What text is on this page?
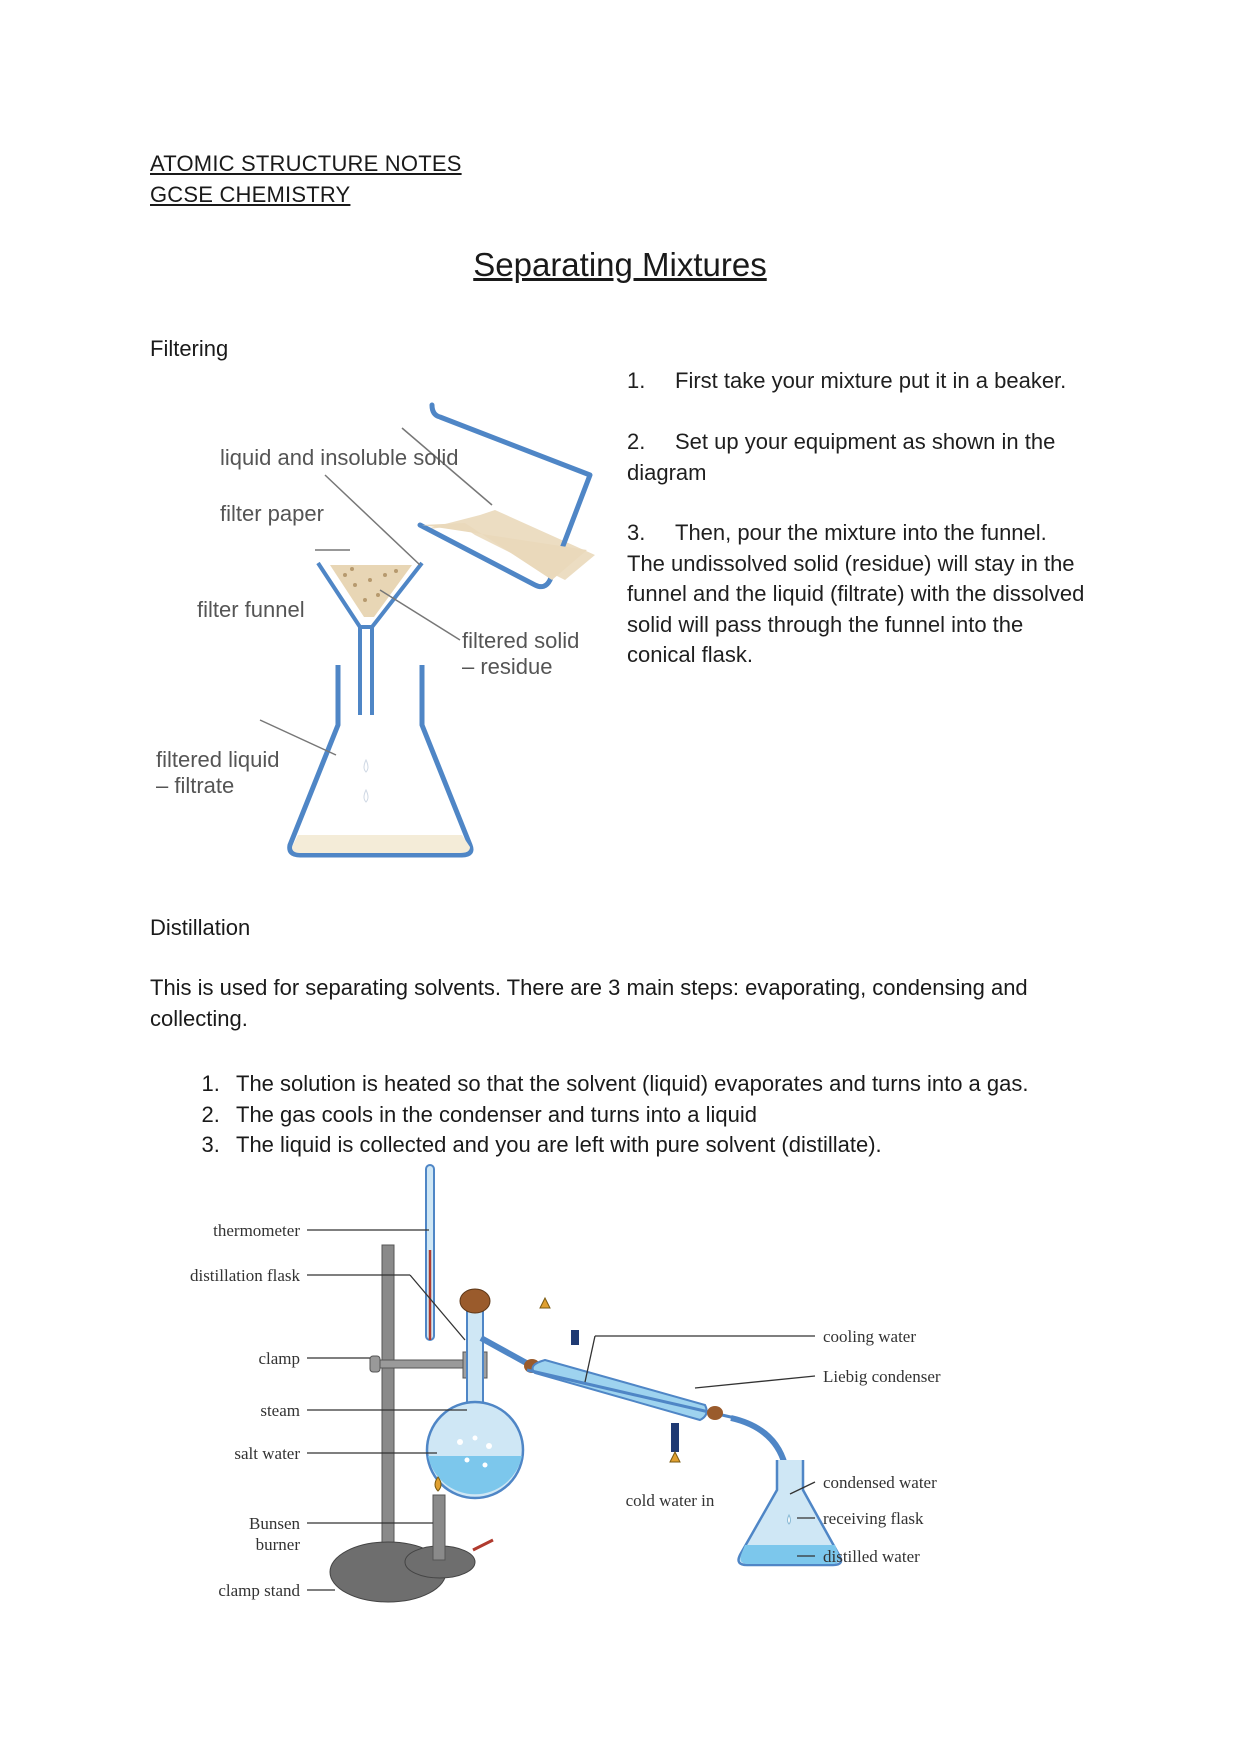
ATOMIC STRUCTURE NOTES
GCSE CHEMISTRY
Separating Mixtures
Filtering
1. First take your mixture put it in a beaker.
2. Set up your equipment as shown in the
diagram
3. Then, pour the mixture into the funnel.
The undissolved solid (residue) will stay in the funnel and the liquid (filtrate) with the dissolved solid will pass through the funnel into the conical flask.
liquid and insoluble solid
filter paper
filter funnel
filtered solid
– residue
filtered liquid
– filtrate
Distillation
This is used for separating solvents. There are 3 main steps: evaporating, condensing and collecting.
1. The solution is heated so that the solvent (liquid) evaporates and turns into a gas.
2. The gas cools in the condenser and turns into a liquid
3. The liquid is collected and you are left with pure solvent (distillate).
thermometer
distillation flask
clamp
steam
salt water
Bunsen
burner
clamp stand
cooling water
Liebig condenser
cold water in
condensed water
receiving flask
distilled water
